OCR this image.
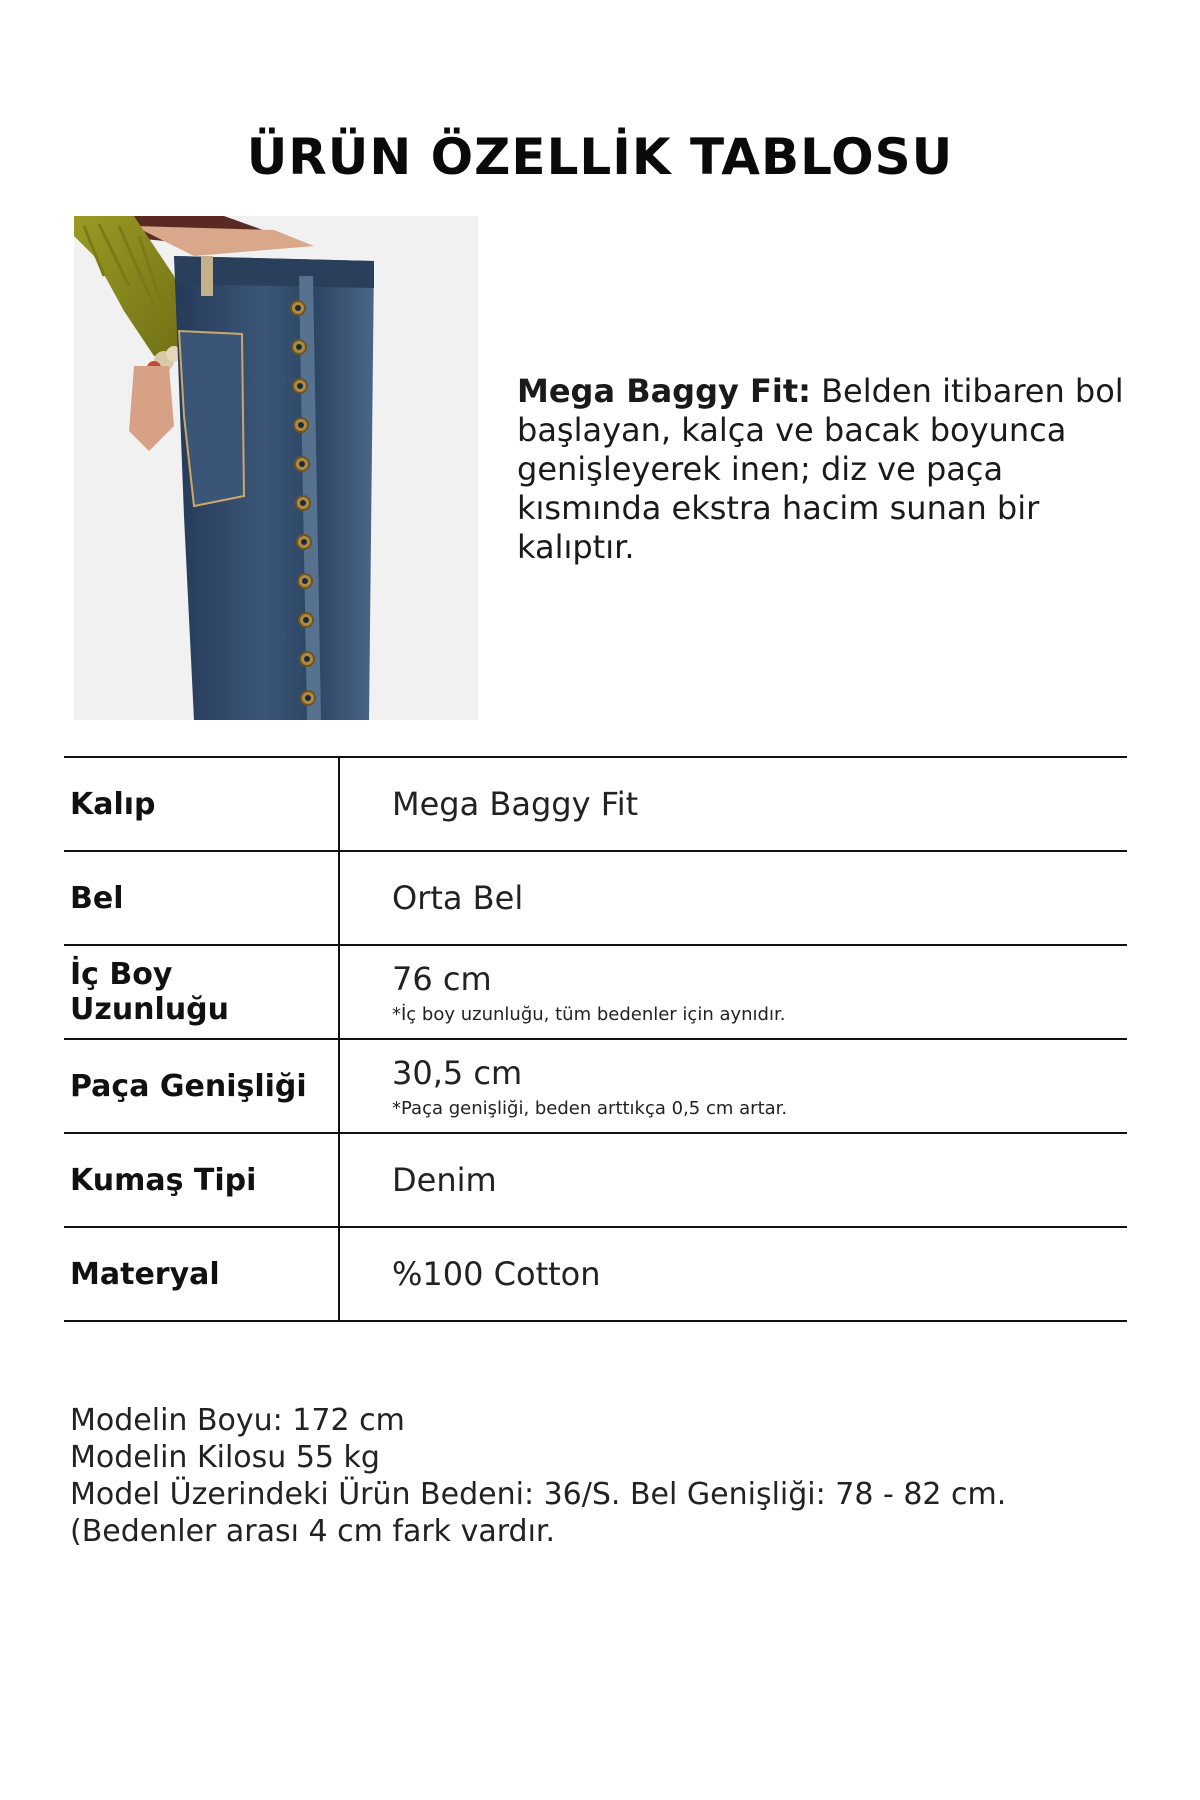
ÜRÜN ÖZELLİK TABLOSU
Mega Baggy Fit: Belden itibaren bol başlayan, kalça ve bacak boyunca genişleyerek inen; diz ve paça kısmında ekstra hacim sunan bir kalıptır.
Kalıp	Mega Baggy Fit
Bel	Orta Bel
İç Boy Uzunluğu	76 cm
*İç boy uzunluğu, tüm bedenler için aynıdır.

Paça Genişliği	30,5 cm
*Paça genişliği, beden arttıkça 0,5 cm artar.

Kumaş Tipi	Denim
Materyal	%100 Cotton
Modelin Boyu: 172 cm
Modelin Kilosu 55 kg
Model Üzerindeki Ürün Bedeni: 36/S. Bel Genişliği: 78 - 82 cm. (Bedenler arası 4 cm fark vardır.
